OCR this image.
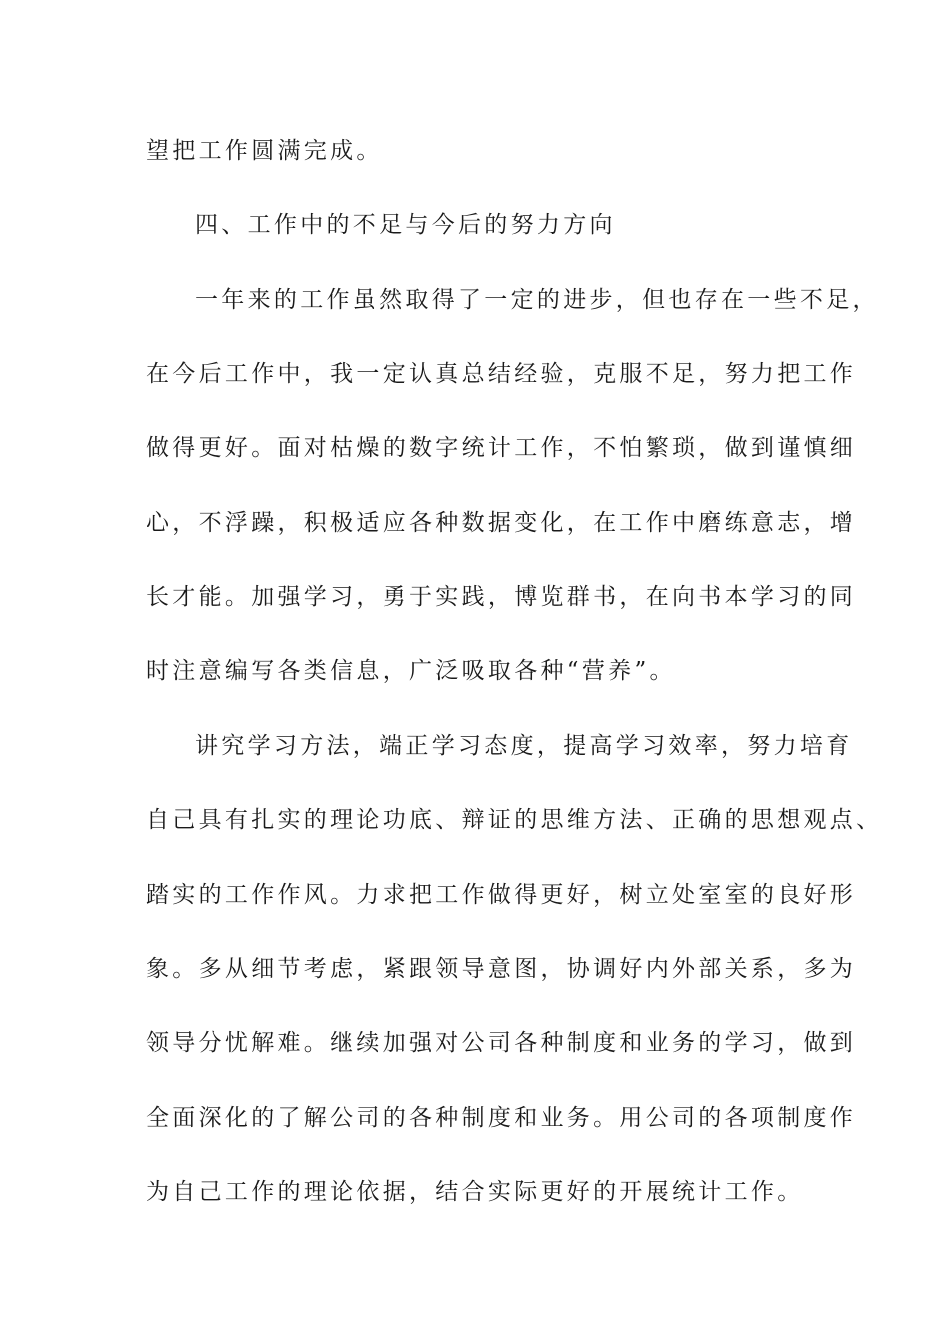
望把工作圆满完成。
四、工作中的不足与今后的努力方向
一年来的工作虽然取得了一定的进步，但也存在一些不足，
在今后工作中，我一定认真总结经验，克服不足，努力把工作
做得更好。面对枯燥的数字统计工作，不怕繁琐，做到谨慎细
心，不浮躁，积极适应各种数据变化，在工作中磨练意志，增
长才能。加强学习，勇于实践，博览群书，在向书本学习的同
时注意编写各类信息，广泛吸取各种“营养”。
讲究学习方法，端正学习态度，提高学习效率，努力培育
自己具有扎实的理论功底、辩证的思维方法、正确的思想观点、
踏实的工作作风。力求把工作做得更好，树立处室室的良好形
象。多从细节考虑，紧跟领导意图，协调好内外部关系，多为
领导分忧解难。继续加强对公司各种制度和业务的学习，做到
全面深化的了解公司的各种制度和业务。用公司的各项制度作
为自己工作的理论依据，结合实际更好的开展统计工作。
